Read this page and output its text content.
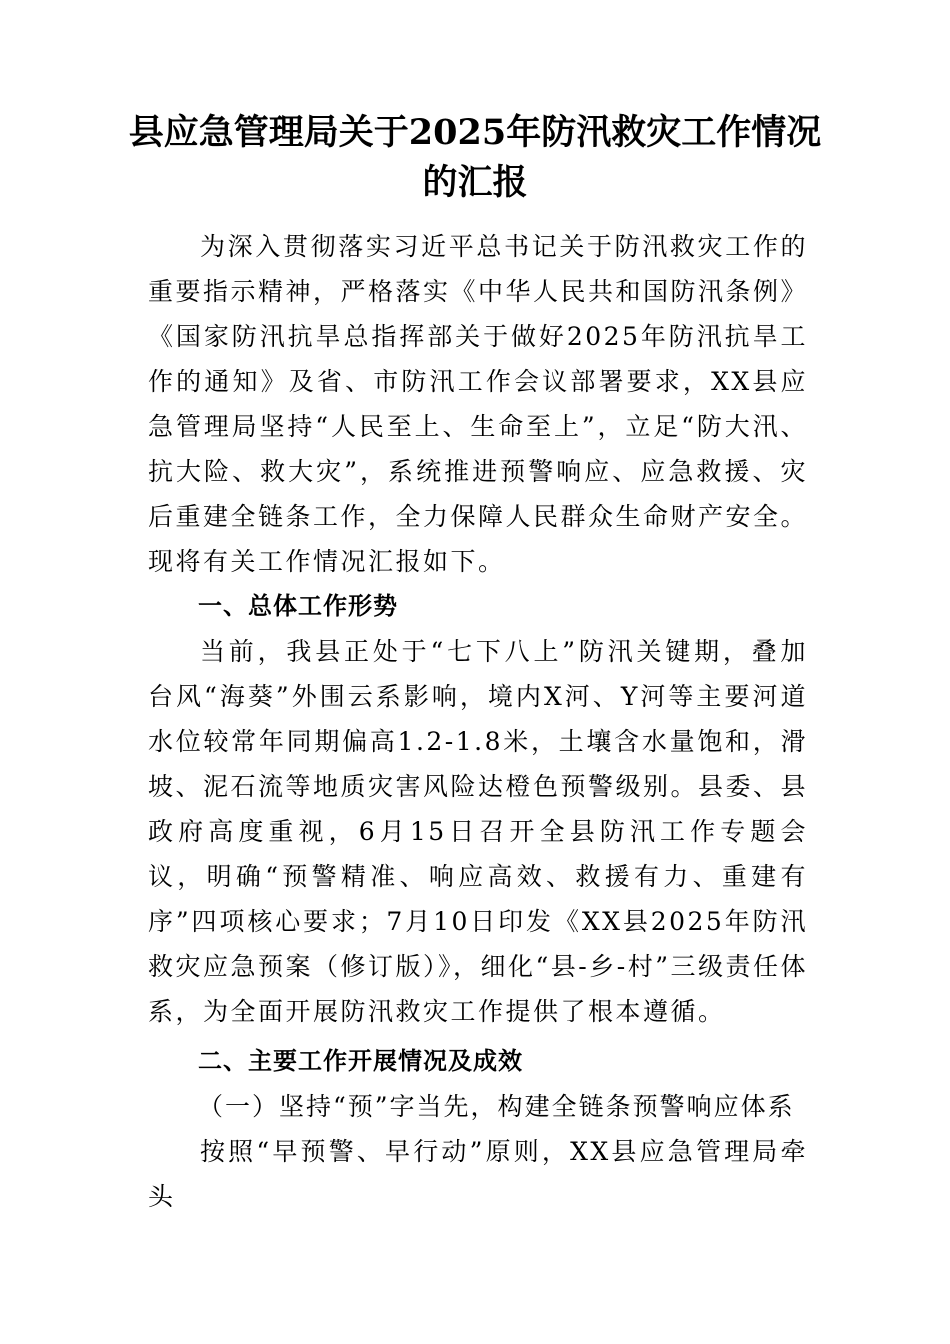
县应急管理局关于2025年防汛救灾工作情况的汇报

为深入贯彻落实习近平总书记关于防汛救灾工作的重要指示精神，严格落实《中华人民共和国防汛条例》《国家防汛抗旱总指挥部关于做好2025年防汛抗旱工作的通知》及省、市防汛工作会议部署要求，XX县应急管理局坚持“人民至上、生命至上”，立足“防大汛、抗大险、救大灾”，系统推进预警响应、应急救援、灾后重建全链条工作，全力保障人民群众生命财产安全。现将有关工作情况汇报如下。

一、总体工作形势

当前，我县正处于“七下八上”防汛关键期，叠加台风“海葵”外围云系影响，境内X河、Y河等主要河道水位较常年同期偏高1.2-1.8米，土壤含水量饱和，滑坡、泥石流等地质灾害风险达橙色预警级别。县委、县政府高度重视，6月15日召开全县防汛工作专题会议，明确“预警精准、响应高效、救援有力、重建有序”四项核心要求；7月10日印发《XX县2025年防汛救灾应急预案（修订版）》，细化“县-乡-村”三级责任体系，为全面开展防汛救灾工作提供了根本遵循。

二、主要工作开展情况及成效

（一）坚持“预”字当先，构建全链条预警响应体系

按照“早预警、早行动”原则，XX县应急管理局牵头
